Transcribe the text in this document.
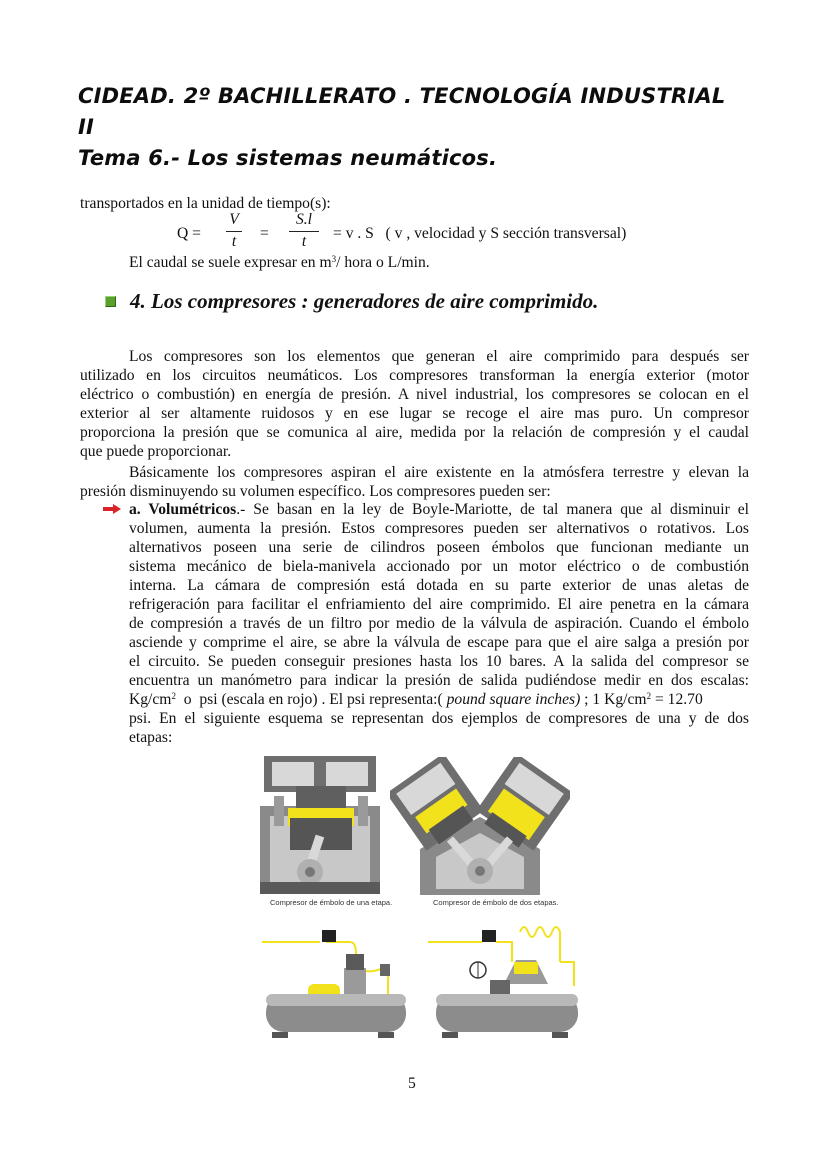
CIDEAD. 2º BACHILLERATO . TECNOLOGÍA INDUSTRIAL
II
Tema 6.- Los sistemas neumáticos.
transportados en la unidad de tiempo(s):
Q =
V
t	=
S.l
t	= v . S   ( v , velocidad y S sección transversal)
El caudal se suele expresar en $m^3/$ hora o L/min.
4. Los compresores : generadores de aire comprimido.
Los compresores son los elementos que generan el aire comprimido para después ser
utilizado en los circuitos neumáticos. Los compresores transforman la energía exterior (motor
eléctrico o combustión) en energía de presión. A nivel industrial, los compresores se colocan en el
exterior al ser altamente ruidosos y en ese lugar se recoge el aire mas puro. Un compresor
proporciona la presión que se comunica al aire, medida por la relación de compresión y el caudal
que puede proporcionar.
Básicamente los compresores aspiran el aire existente en la atmósfera terrestre y elevan la
presión disminuyendo su volumen específico. Los compresores pueden ser:
a. Volumétricos.- Se basan en la ley de Boyle-Mariotte, de tal manera que al disminuir el
volumen, aumenta la presión. Estos compresores pueden ser alternativos o rotativos. Los
alternativos poseen una serie de cilindros poseen émbolos que funcionan mediante un
sistema mecánico de biela-manivela accionado por un motor eléctrico o de combustión
interna. La cámara de compresión está dotada en su parte exterior de unas aletas de
refrigeración para facilitar el enfriamiento del aire comprimido. El aire penetra en la cámara
de compresión a través de un filtro por medio de la válvula de aspiración. Cuando el émbolo
asciende y comprime el aire, se abre la válvula de escape para que el aire salga a presión por
el circuito. Se pueden conseguir presiones hasta los 10 bares. A la salida del compresor se
encuentra un manómetro para indicar la presión de salida pudiéndose medir en dos escalas:
$Kg/cm^2$  o  psi (escala en rojo) . El psi representa:( pound square inches) ; 1 $Kg/cm^2 = 12.70$
psi. En el siguiente esquema se representan dos ejemplos de compresores de una y de dos
etapas:
Compresor de émbolo de una etapa.	Compresor de émbolo de dos etapas.
5
